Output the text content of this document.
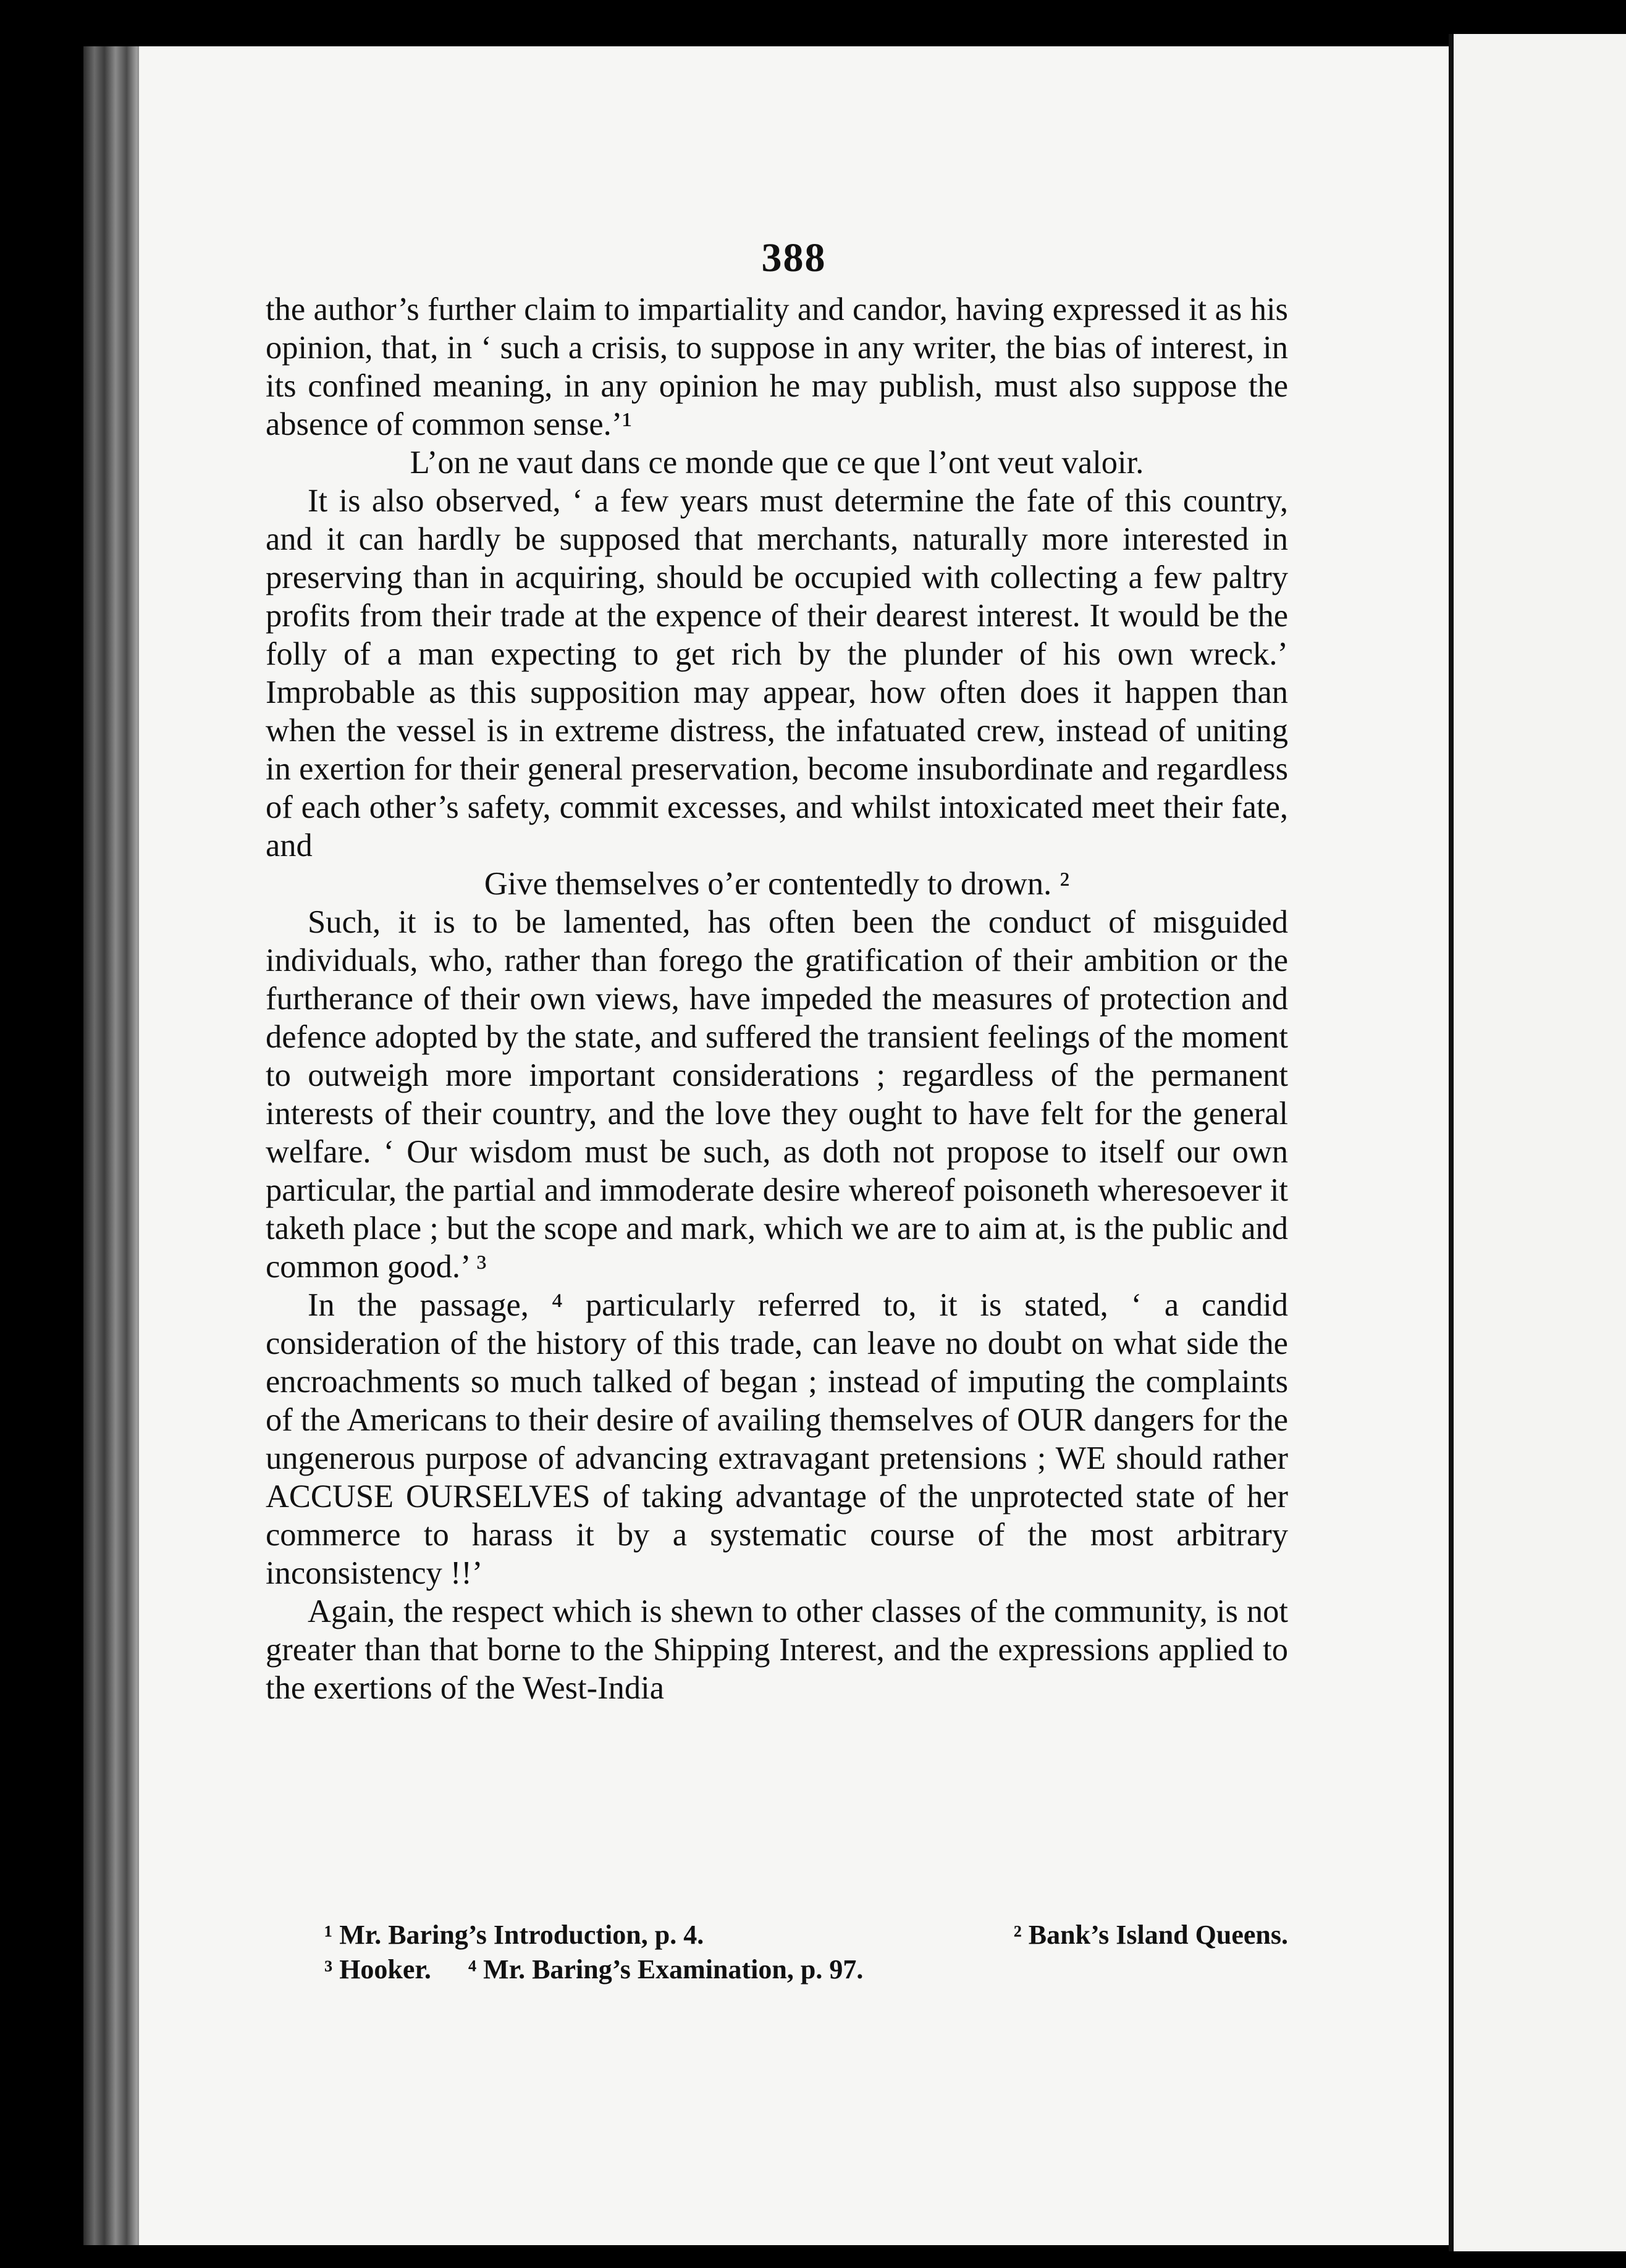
388

the author’s further claim to impartiality and candor, having expressed it as his opinion, that, in ‘ such a crisis, to suppose in any writer, the bias of interest, in its confined meaning, in any opinion he may publish, must also suppose the absence of common sense.’¹

L’on ne vaut dans ce monde que ce que l’ont veut valoir.

It is also observed, ‘ a few years must determine the fate of this country, and it can hardly be supposed that merchants, naturally more interested in preserving than in acquiring, should be occupied with collecting a few paltry profits from their trade at the expence of their dearest interest. It would be the folly of a man expecting to get rich by the plunder of his own wreck.’ Improbable as this supposition may appear, how often does it happen than when the vessel is in extreme distress, the infatuated crew, instead of uniting in exertion for their general preservation, become insubordinate and regardless of each other’s safety, commit excesses, and whilst intoxicated meet their fate, and

Give themselves o’er contentedly to drown. ²

Such, it is to be lamented, has often been the conduct of misguided individuals, who, rather than forego the gratification of their ambition or the furtherance of their own views, have impeded the measures of protection and defence adopted by the state, and suffered the transient feelings of the moment to outweigh more important considerations ; regardless of the permanent interests of their country, and the love they ought to have felt for the general welfare. ‘ Our wisdom must be such, as doth not propose to itself our own particular, the partial and immoderate desire whereof poisoneth wheresoever it taketh place ; but the scope and mark, which we are to aim at, is the public and common good.’ ³

In the passage, ⁴ particularly referred to, it is stated, ‘ a candid consideration of the history of this trade, can leave no doubt on what side the encroachments so much talked of began ; instead of imputing the complaints of the Americans to their desire of availing themselves of OUR dangers for the ungenerous purpose of advancing extravagant pretensions ; WE should rather ACCUSE OURSELVES of taking advantage of the unprotected state of her commerce to harass it by a systematic course of the most arbitrary inconsistency !!’

Again, the respect which is shewn to other classes of the community, is not greater than that borne to the Shipping Interest, and the expressions applied to the exertions of the West-India

¹ Mr. Baring’s Introduction, p. 4.	² Bank’s Island Queens.
³ Hooker. ⁴ Mr. Baring’s Examination, p. 97.
